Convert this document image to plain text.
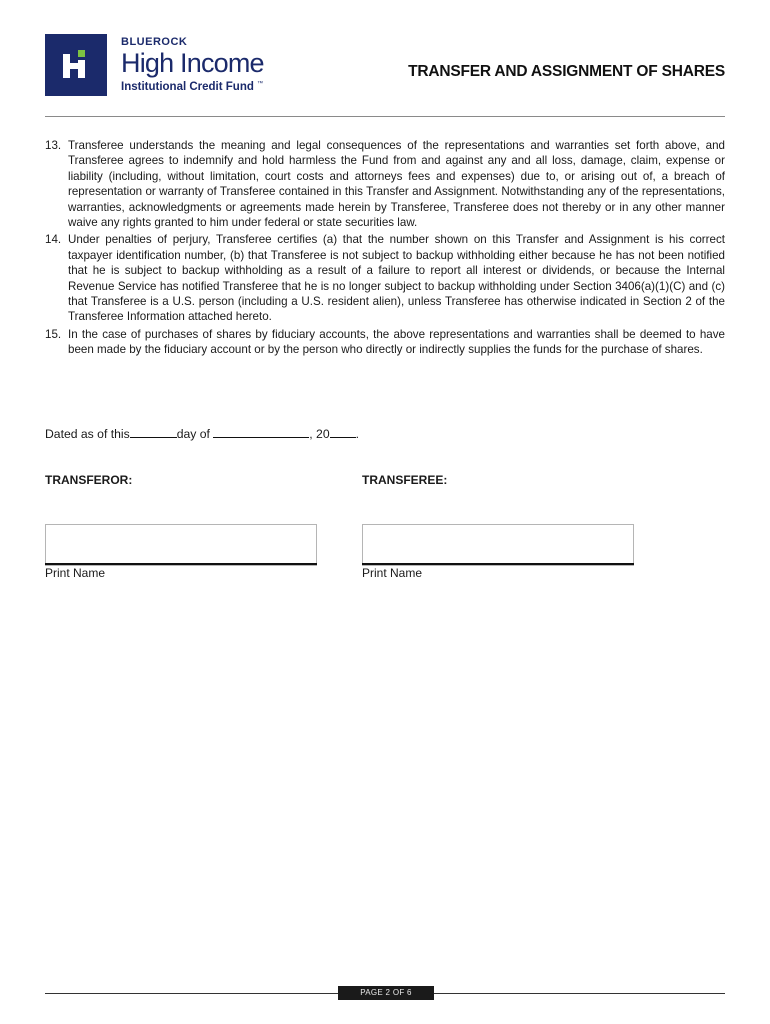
BLUEROCK
High Income
Institutional Credit Fund ™
TRANSFER AND ASSIGNMENT OF SHARES
13. Transferee understands the meaning and legal consequences of the representations and warranties set forth above, and Transferee agrees to indemnify and hold harmless the Fund from and against any and all loss, damage, claim, expense or liability (including, without limitation, court costs and attorneys fees and expenses) due to, or arising out of, a breach of representation or warranty of Transferee contained in this Transfer and Assignment. Notwithstanding any of the representations, warranties, acknowledgments or agreements made herein by Transferee, Transferee does not thereby or in any other manner waive any rights granted to him under federal or state securities law.
14. Under penalties of perjury, Transferee certifies (a) that the number shown on this Transfer and Assignment is his correct taxpayer identification number, (b) that Transferee is not subject to backup withholding either because he has not been notified that he is subject to backup withholding as a result of a failure to report all interest or dividends, or because the Internal Revenue Service has notified Transferee that he is no longer subject to backup withholding under Section 3406(a)(1)(C) and (c) that Transferee is a U.S. person (including a U.S. resident alien), unless Transferee has otherwise indicated in Section 2 of the Transferee Information attached hereto.
15. In the case of purchases of shares by fiduciary accounts, the above representations and warranties shall be deemed to have been made by the fiduciary account or by the person who directly or indirectly supplies the funds for the purchase of shares.
Dated as of this	day of	, 20 .
TRANSFEROR:	TRANSFEREE:
Print Name	Print Name
PAGE 2 OF 6
